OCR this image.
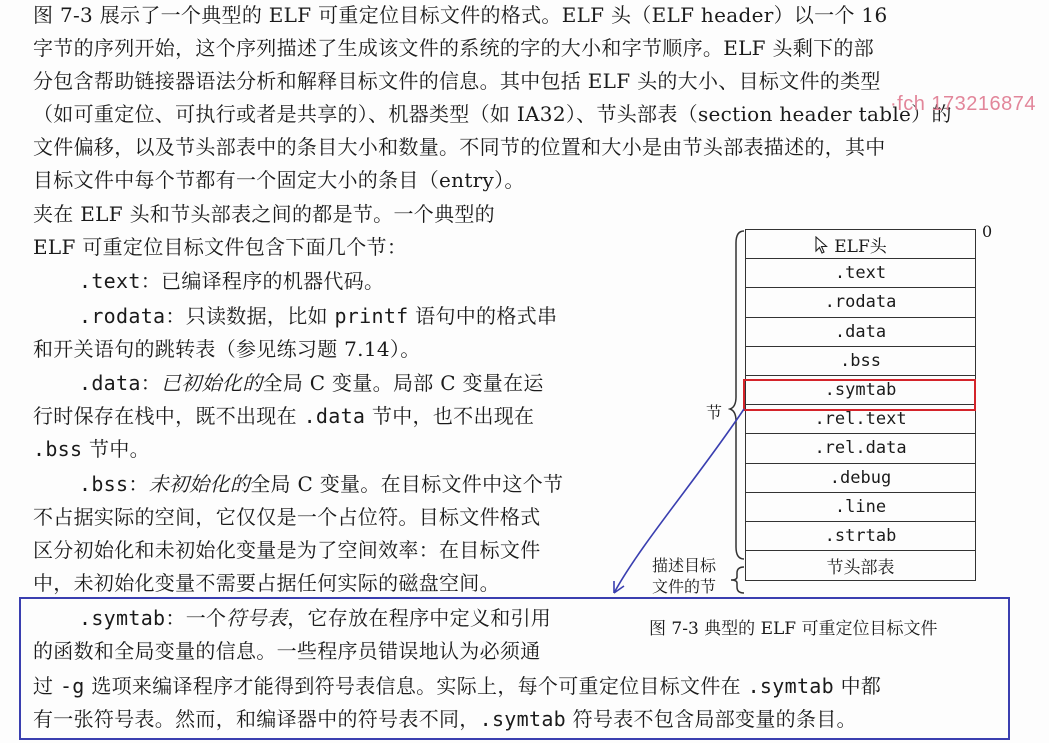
图 7-3 展示了一个典型的 ELF 可重定位目标文件的格式。ELF 头（ELF header）以一个 16
字节的序列开始，这个序列描述了生成该文件的系统的字的大小和字节顺序。ELF 头剩下的部
分包含帮助链接器语法分析和解释目标文件的信息。其中包括 ELF 头的大小、目标文件的类型
（如可重定位、可执行或者是共享的）、机器类型（如 IA32）、节头部表（section header table）的
文件偏移，以及节头部表中的条目大小和数量。不同节的位置和大小是由节头部表描述的，其中
目标文件中每个节都有一个固定大小的条目（entry）。
·fch 173216874
夹在 ELF 头和节头部表之间的都是节。一个典型的
ELF 可重定位目标文件包含下面几个节：
.text：已编译程序的机器代码。
.rodata：只读数据，比如 printf 语句中的格式串
和开关语句的跳转表（参见练习题 7.14）。
.data：已初始化的全局 C 变量。局部 C 变量在运
行时保存在栈中，既不出现在 .data 节中，也不出现在
.bss 节中。
.bss：未初始化的全局 C 变量。在目标文件中这个节
不占据实际的空间，它仅仅是一个占位符。目标文件格式
区分初始化和未初始化变量是为了空间效率：在目标文件
中，未初始化变量不需要占据任何实际的磁盘空间。
.symtab：一个符号表，它存放在程序中定义和引用
的函数和全局变量的信息。一些程序员错误地认为必须通
过 -g 选项来编译程序才能得到符号表信息。实际上，每个可重定位目标文件在 .symtab 中都
有一张符号表。然而，和编译器中的符号表不同，.symtab 符号表不包含局部变量的条目。
0
ELF头
.text
.rodata
.data
.bss
.symtab
.rel.text
.rel.data
.debug
.line
.strtab
节头部表
节
描述目标
文件的节
图 7-3 典型的 ELF 可重定位目标文件
